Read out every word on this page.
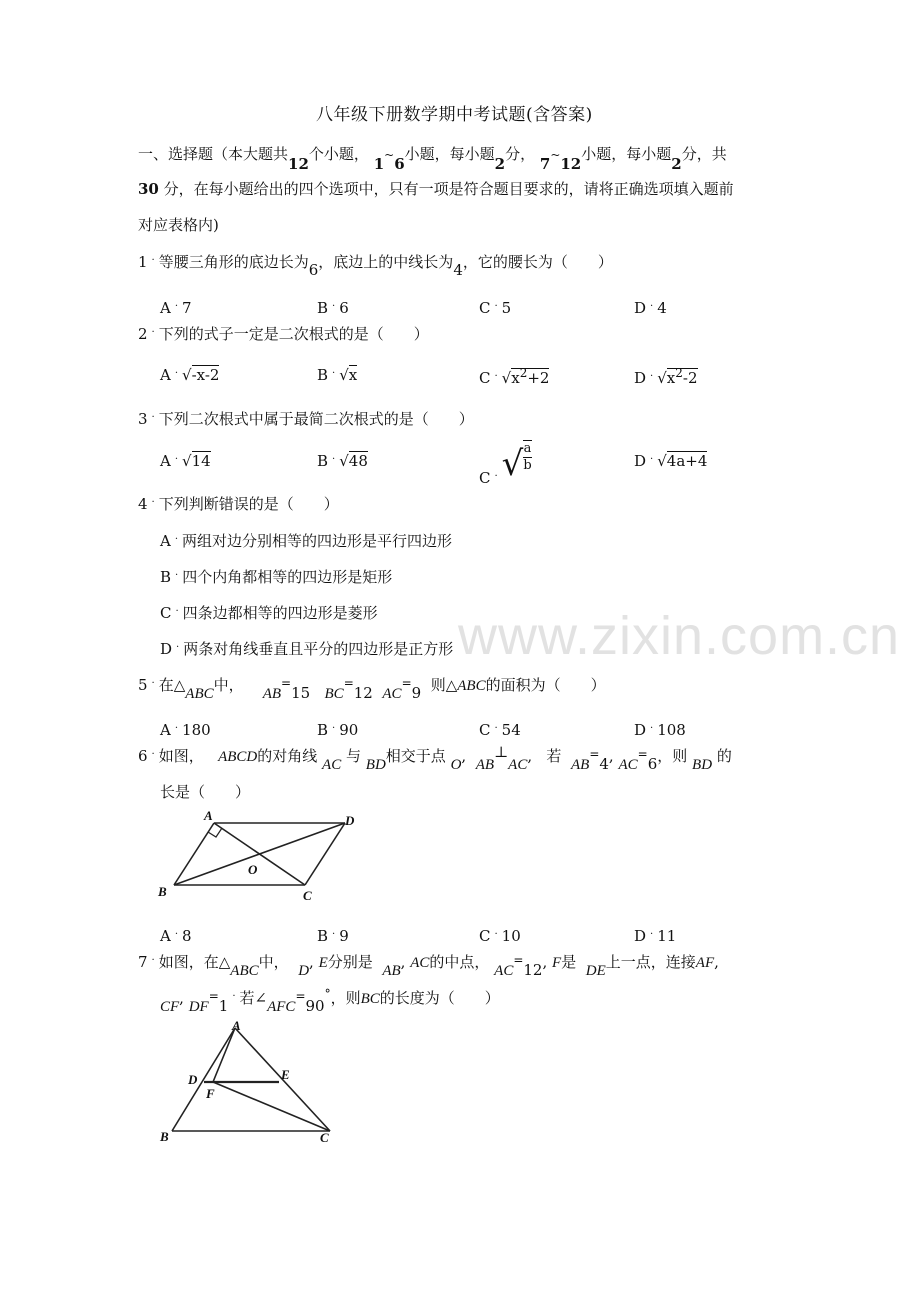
八年级下册数学期中考试题(含答案)
一、选择题（本大题共12个小题， 1~6小题，每小题2分， 7~12小题，每小题2分，共
30 分，在每小题给出的四个选项中，只有一项是符合题目要求的，请将正确选项填入题前
对应表格内)
1 . 等腰三角形的底边长为6，底边上的中线长为4，它的腰长为（　　）
A . 7	B . 6	C . 5	D . 4
2 . 下列的式子一定是二次根式的是（　　）
A . √-x-2	B . √x	C . $√x^2+2$	D . $√x^2-2$
3 . 下列二次根式中属于最简二次根式的是（　　）
A . √14	B . √48
C $_.$ √ $\frac{a}{b}$	D . √4a+4
4 . 下列判断错误的是（　　）
A . 两组对边分别相等的四边形是平行四边形
B . 四个内角都相等的四边形是矩形
C . 四条边都相等的四边形是菱形
D . 两条对角线垂直且平分的四边形是正方形 www.zixin.com.cn
5 . 在△ABC中， AB=15 BC=12 AC=9 则△ABC的面积为（　　）
A . 180	B . 90	C . 54	D . 108
6 . 如图， ABCD的对角线 AC 与 BD相交于点 O,  AB⊥AC,   若 AB=4, AC=6，则 BD 的
长是（　　）
A
B	C
D
O
A . 8	B . 9	C . 10	D . 11
7 . 如图，在△ABC中， D, E分别是 AB, AC的中点， AC=12, F是 DE上一点，连接AF,
CF, DF=1. 若∠AFC=90°，则BC的长度为（　　）
A
B	C
D	E
F
